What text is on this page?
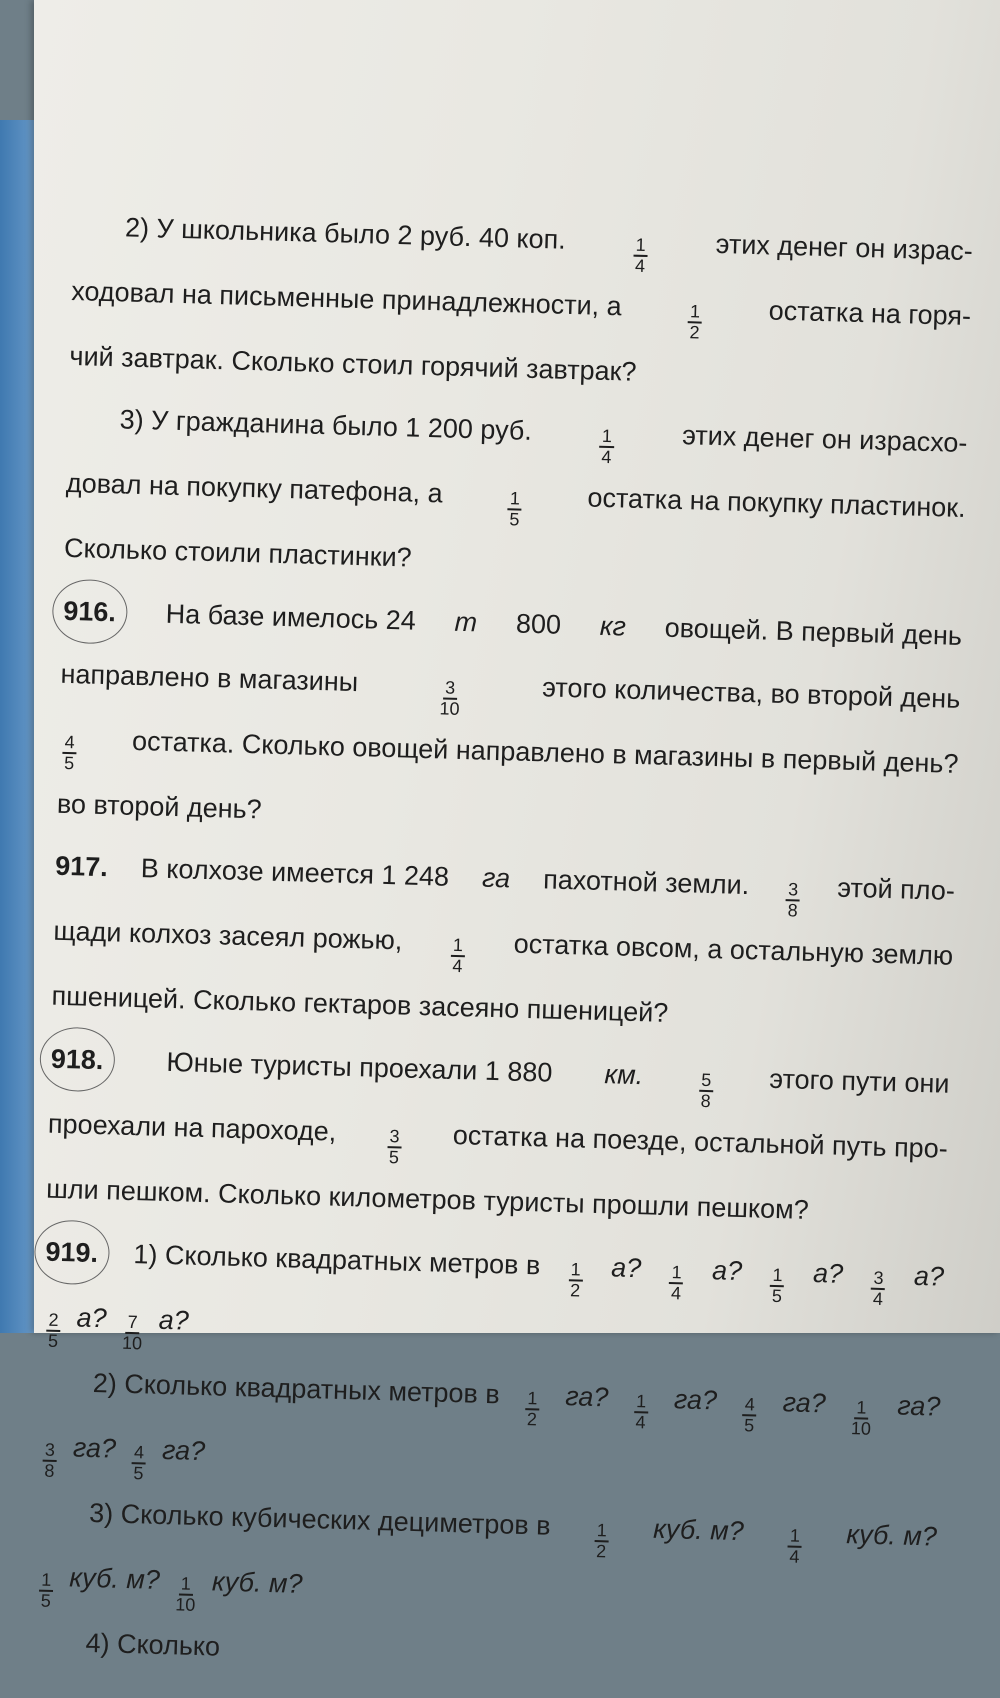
2) У школьника было 2 руб. 40 коп.
$\frac{1}{4}$ этих денег он израс-
ходовал на письменные принадлежности, а
$\frac{1}{2}$ остатка на горя-
чий завтрак. Сколько стоил горячий завтрак?
3) У гражданина было 1 200 руб.
$\frac{1}{4}$	этих денег он израсхо-
довал на покупку патефона, а
$\frac{1}{5}$ остатка на покупку пластинок.
Сколько стоили пластинки?
916.	На базе имелось 24 т 800 кг овощей. В первый день
направлено в магазины
$\frac{3}{10}$	этого количества, во второй день
$\frac{4}{5}$ остатка. Сколько овощей направлено в магазины в первый день?
во второй день?
917. В колхозе имеется 1 248 га пахотной земли. $\frac{3}{8}$ этой пло-
щади колхоз засеял рожью,
$\frac{1}{4}$ остатка овсом, а остальную землю
пшеницей. Сколько гектаров засеяно пшеницей?
918.	Юные туристы проехали 1 880 км.	$\frac{5}{8}$ этого пути они
проехали на пароходе,	$\frac{3}{5}$ остатка на поезде, остальной путь про-
шли пешком. Сколько километров туристы прошли пешком?
919.	1) Сколько квадратных метров в $\frac{1}{2} а$? $\frac{1}{4} а$? $\frac{1}{5} а$? $\frac{3}{4} а$?
$\frac{2}{5} а$? $\frac{7}{10} а$?
2) Сколько квадратных метров в $\frac{1}{2}$ га? $\frac{1}{4}$ га? $\frac{4}{5}$ га? $\frac{1}{10}$ га?
$\frac{3}{8}$ га? $\frac{4}{5}$ га?
3) Сколько кубических дециметров в
$\frac{1}{2}$ куб. м? $\frac{1}{4}$ куб. м?
$\frac{1}{5}$ куб. м? $\frac{1}{10}$ куб. м?
4) Сколько
